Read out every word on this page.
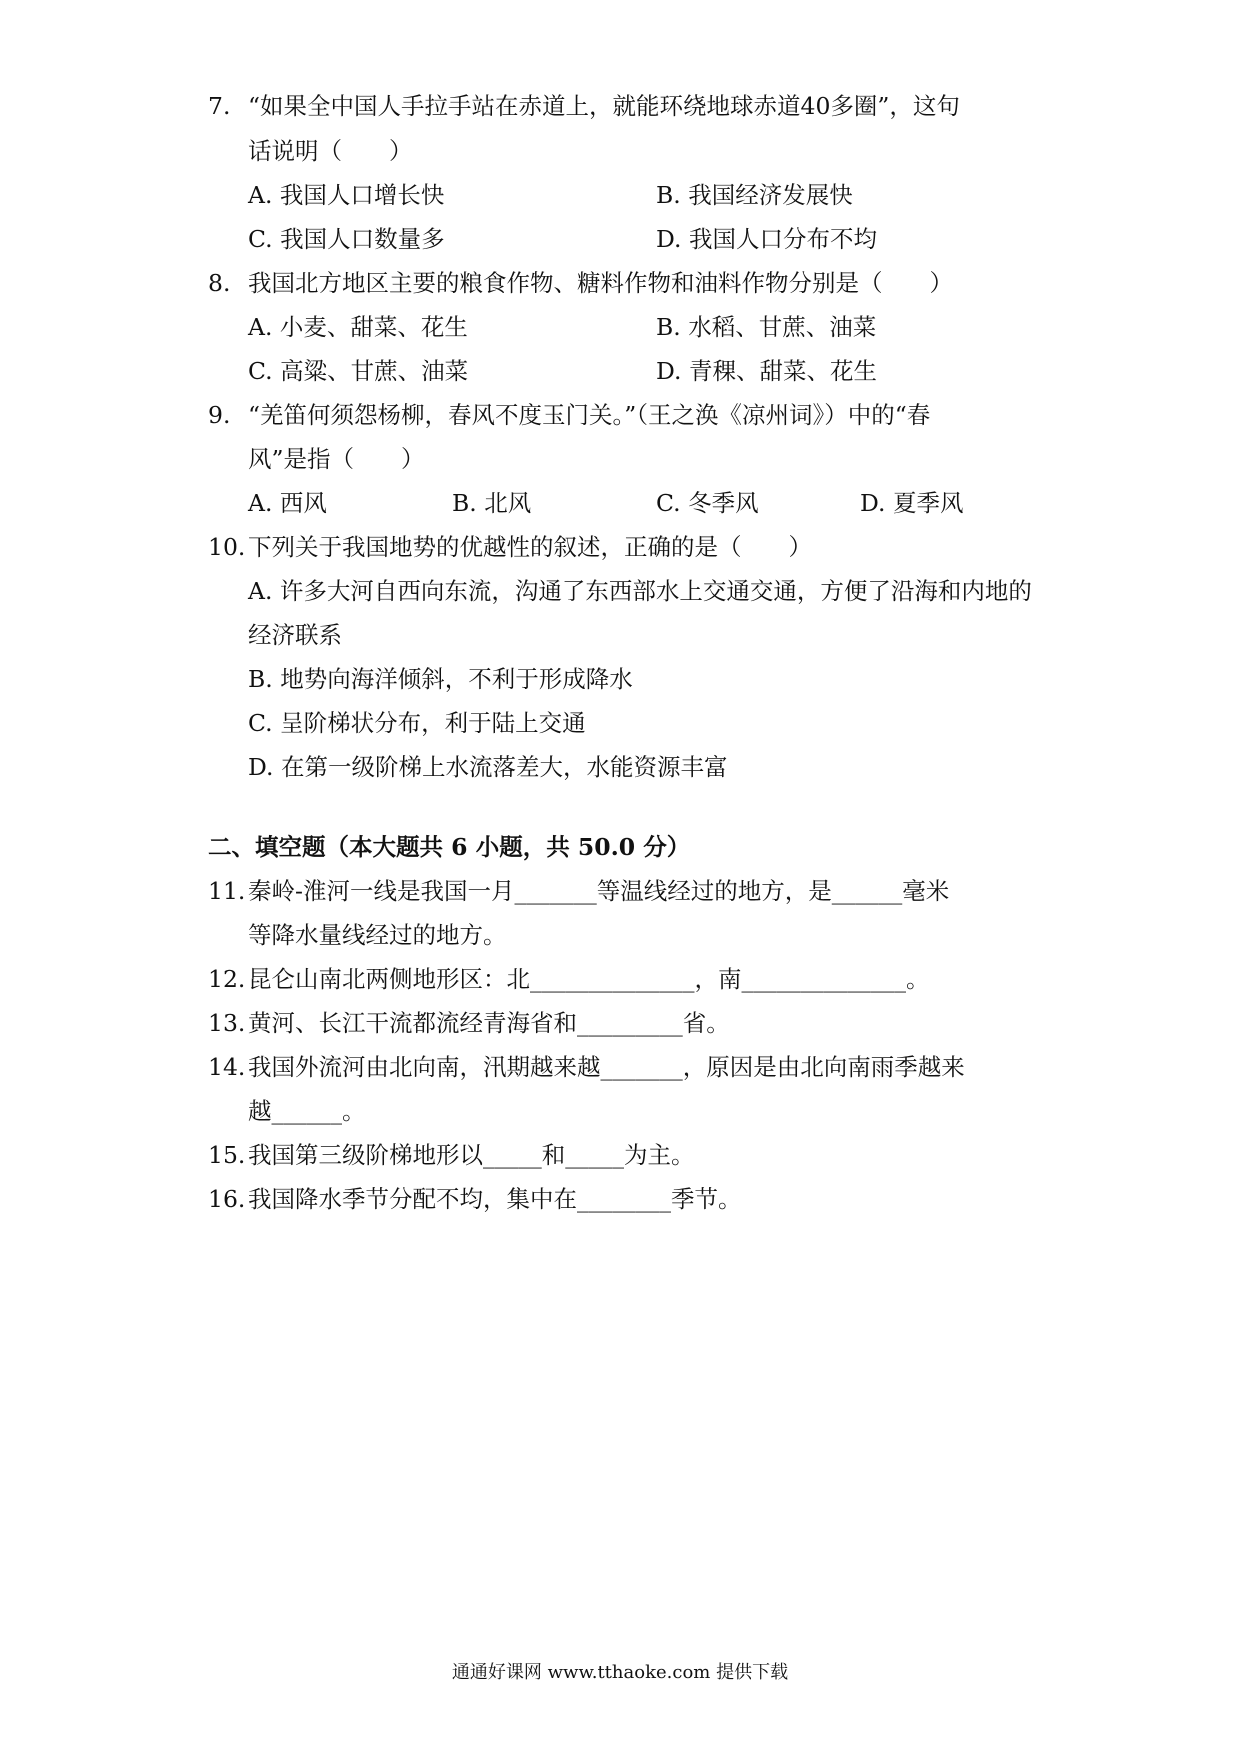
7. “如果全中国人手拉手站在赤道上，就能环绕地球赤道40多圈”，这句
话说明（　　）
A. 我国人口增长快	B. 我国经济发展快
C. 我国人口数量多	D. 我国人口分布不均
8. 我国北方地区主要的粮食作物、糖料作物和油料作物分别是（　　）
A. 小麦、甜菜、花生	B. 水稻、甘蔗、油菜
C. 高粱、甘蔗、油菜	D. 青稞、甜菜、花生
9. “羌笛何须怨杨柳，春风不度玉门关。”（王之涣《凉州词》）中的“春
风”是指（　　）
A. 西风	B. 北风	C. 冬季风	D. 夏季风
10. 下列关于我国地势的优越性的叙述，正确的是（　　）
A. 许多大河自西向东流，沟通了东西部水上交通交通，方便了沿海和内地的
经济联系
B. 地势向海洋倾斜，不利于形成降水
C. 呈阶梯状分布，利于陆上交通
D. 在第一级阶梯上水流落差大，水能资源丰富
二、填空题（本大题共 6 小题，共 50.0 分）
11. 秦岭-淮河一线是我国一月_______等温线经过的地方，是______毫米
等降水量线经过的地方。
12. 昆仑山南北两侧地形区：北______________，南______________。
13. 黄河、长江干流都流经青海省和_________省。
14. 我国外流河由北向南，汛期越来越_______，原因是由北向南雨季越来
越______。
15. 我国第三级阶梯地形以_____和_____为主。
16. 我国降水季节分配不均，集中在________季节。
通通好课网 www.tthaoke.com 提供下载
